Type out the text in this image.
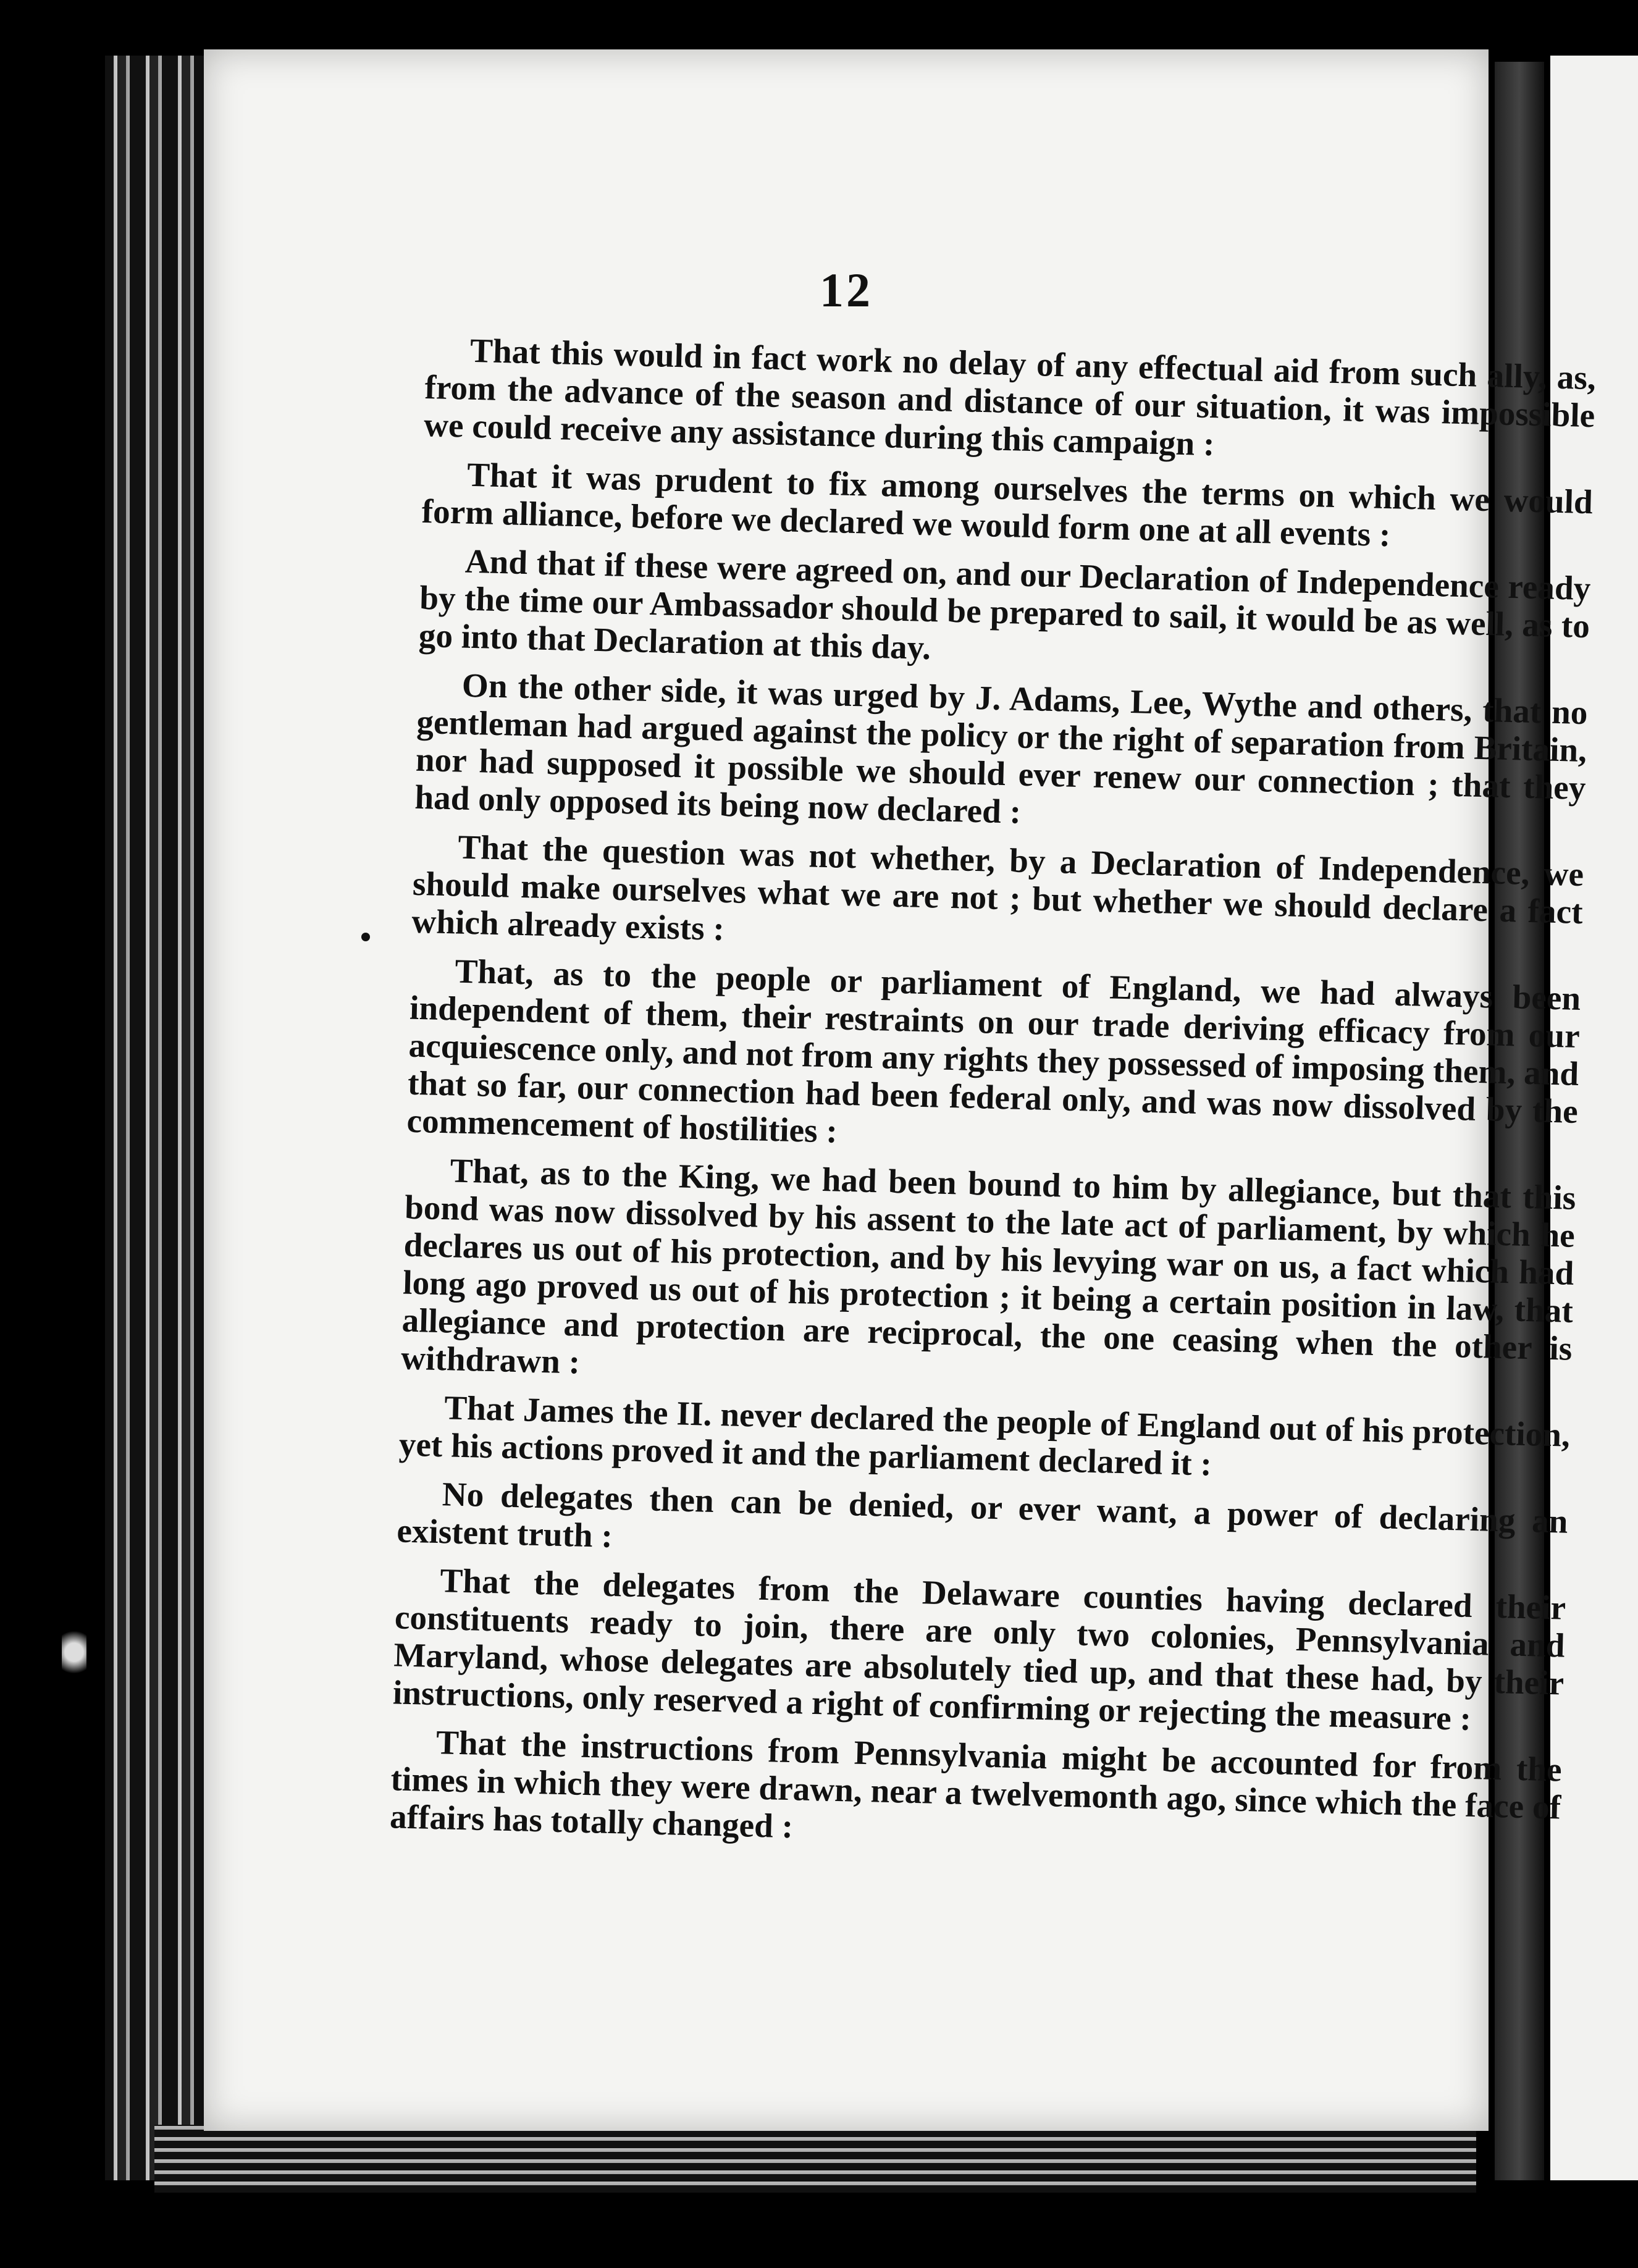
12

That this would in fact work no delay of any effectual aid from such ally, as, from the advance of the season and distance of our situation, it was impossible we could receive any assistance during this campaign :

That it was prudent to fix among ourselves the terms on which we would form alliance, before we declared we would form one at all events :

And that if these were agreed on, and our Declaration of Independence ready by the time our Ambassador should be prepared to sail, it would be as well, as to go into that Declaration at this day.

On the other side, it was urged by J. Adams, Lee, Wythe and others, that no gentleman had argued against the policy or the right of separation from Britain, nor had supposed it possible we should ever renew our connection ; that they had only opposed its being now declared :

That the question was not whether, by a Declaration of Independence, we should make ourselves what we are not ; but whether we should declare a fact which already exists :

That, as to the people or parliament of England, we had always been independent of them, their restraints on our trade deriving efficacy from our acquiescence only, and not from any rights they possessed of imposing them, and that so far, our connection had been federal only, and was now dissolved by the commencement of hostilities :

That, as to the King, we had been bound to him by allegiance, but that this bond was now dissolved by his assent to the late act of parliament, by which he declares us out of his protection, and by his levying war on us, a fact which had long ago proved us out of his protection ; it being a certain position in law, that allegiance and protection are reciprocal, the one ceasing when the other is withdrawn :

That James the II. never declared the people of England out of his protection, yet his actions proved it and the parliament declared it :

No delegates then can be denied, or ever want, a power of declaring an existent truth :

That the delegates from the Delaware counties having declared their constituents ready to join, there are only two colonies, Pennsylvania and Maryland, whose delegates are absolutely tied up, and that these had, by their instructions, only reserved a right of confirming or rejecting the measure :

That the instructions from Pennsylvania might be accounted for from the times in which they were drawn, near a twelvemonth ago, since which the face of affairs has totally changed :
